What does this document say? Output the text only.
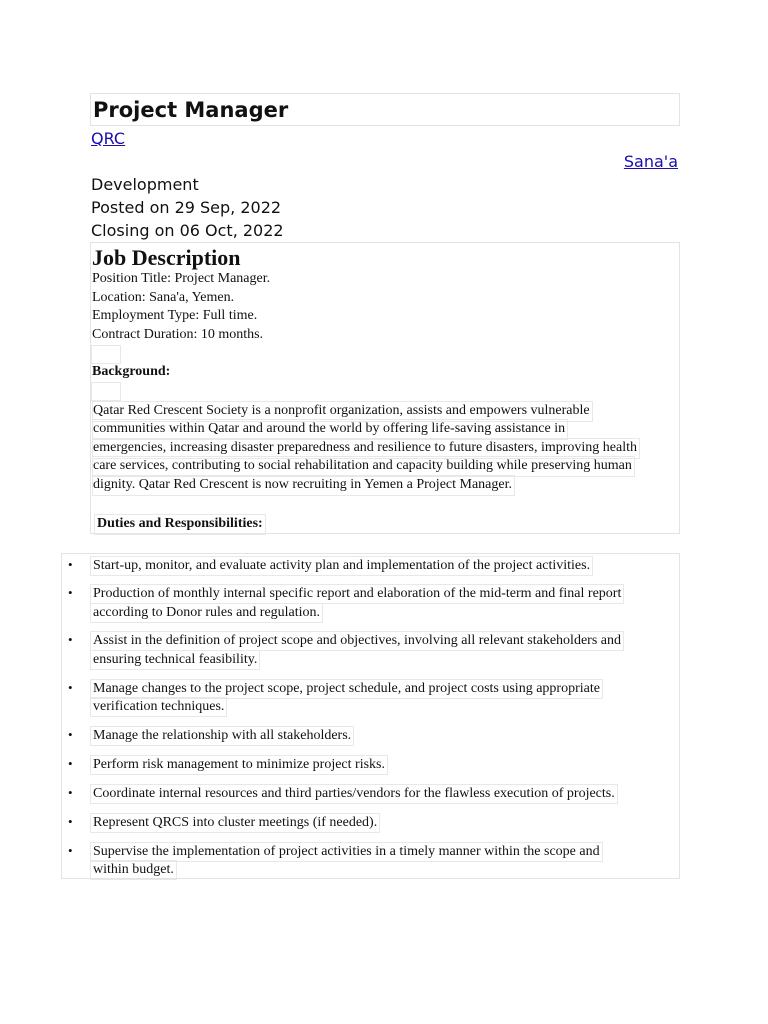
Project Manager
QRC
Sana'a
Development
Posted on 29 Sep, 2022
Closing on 06 Oct, 2022
Job Description
Position Title: Project Manager.
Location: Sana'a, Yemen.
Employment Type: Full time.
Contract Duration: 10 months.
Background:
Qatar Red Crescent Society is a nonprofit organization, assists and empowers vulnerable
communities within Qatar and around the world by offering life-saving assistance in
emergencies, increasing disaster preparedness and resilience to future disasters, improving health
care services, contributing to social rehabilitation and capacity building while preserving human
dignity. Qatar Red Crescent is now recruiting in Yemen a Project Manager.
Duties and Responsibilities:
• Start-up, monitor, and evaluate activity plan and implementation of the project activities.
• Production of monthly internal specific report and elaboration of the mid-term and final report
according to Donor rules and regulation.
• Assist in the definition of project scope and objectives, involving all relevant stakeholders and
ensuring technical feasibility.
• Manage changes to the project scope, project schedule, and project costs using appropriate
verification techniques.
• Manage the relationship with all stakeholders.
• Perform risk management to minimize project risks.
• Coordinate internal resources and third parties/vendors for the flawless execution of projects.
• Represent QRCS into cluster meetings (if needed).
• Supervise the implementation of project activities in a timely manner within the scope and
within budget.
